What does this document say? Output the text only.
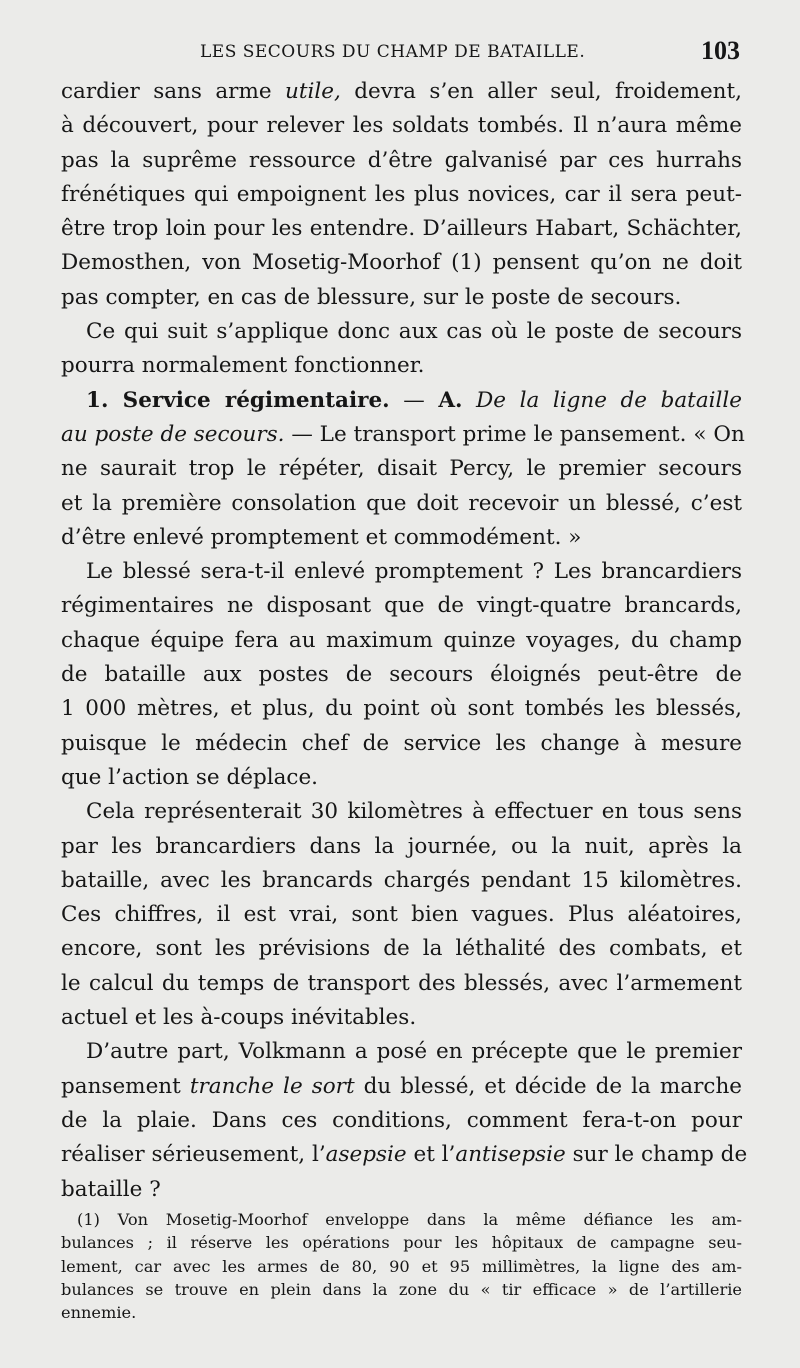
LES SECOURS DU CHAMP DE BATAILLE.	103
cardier sans arme utile, devra s’en aller seul, froidement,
à découvert, pour relever les soldats tombés. Il n’aura même
pas la suprême ressource d’être galvanisé par ces hurrahs
frénétiques qui empoignent les plus novices, car il sera peut-
être trop loin pour les entendre. D’ailleurs Habart, Schächter,
Demosthen, von Mosetig-Moorhof (1) pensent qu’on ne doit
pas compter, en cas de blessure, sur le poste de secours.
Ce qui suit s’applique donc aux cas où le poste de secours
pourra normalement fonctionner.
1. Service régimentaire. — A. De la ligne de bataille
au poste de secours. — Le transport prime le pansement. « On
ne saurait trop le répéter, disait Percy, le premier secours
et la première consolation que doit recevoir un blessé, c’est
d’être enlevé promptement et commodément. »
Le blessé sera-t-il enlevé promptement ? Les brancardiers
régimentaires ne disposant que de vingt-quatre brancards,
chaque équipe fera au maximum quinze voyages, du champ
de bataille aux postes de secours éloignés peut-être de
1 000 mètres, et plus, du point où sont tombés les blessés,
puisque le médecin chef de service les change à mesure
que l’action se déplace.
Cela représenterait 30 kilomètres à effectuer en tous sens
par les brancardiers dans la journée, ou la nuit, après la
bataille, avec les brancards chargés pendant 15 kilomètres.
Ces chiffres, il est vrai, sont bien vagues. Plus aléatoires,
encore, sont les prévisions de la léthalité des combats, et
le calcul du temps de transport des blessés, avec l’armement
actuel et les à-coups inévitables.
D’autre part, Volkmann a posé en précepte que le premier
pansement tranche le sort du blessé, et décide de la marche
de la plaie. Dans ces conditions, comment fera-t-on pour
réaliser sérieusement, l’asepsie et l’antisepsie sur le champ de
bataille ?
(1) Von Mosetig-Moorhof enveloppe dans la même défiance les am-
bulances ; il réserve les opérations pour les hôpitaux de campagne seu-
lement, car avec les armes de 80, 90 et 95 millimètres, la ligne des am-
bulances se trouve en plein dans la zone du « tir efficace » de l’artillerie
ennemie.
